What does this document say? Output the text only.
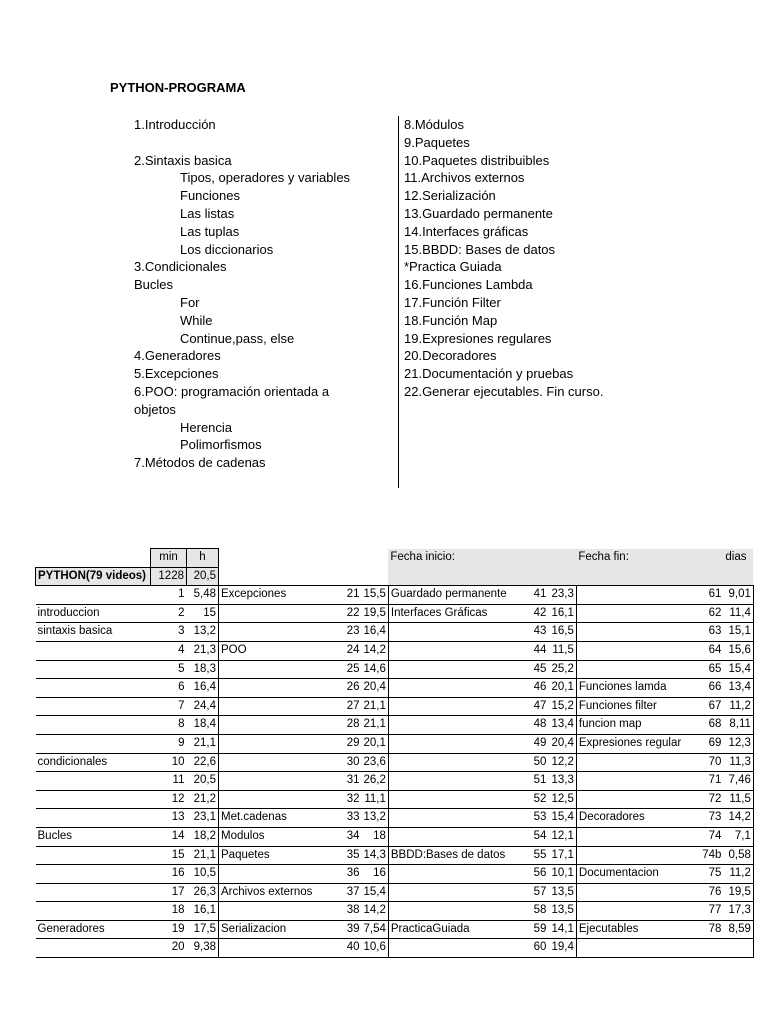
PYTHON-PROGRAMA
1.Introducción
2.Sintaxis basica
Tipos, operadores y variables
Funciones
Las listas
Las tuplas
Los diccionarios
3.Condicionales
Bucles
For
While
Continue,pass, else
4.Generadores
5.Excepciones
6.POO: programación orientada a objetos
Herencia
Polimorfismos
7.Métodos de cadenas
8.Módulos
9.Paquetes
10.Paquetes distribuibles
11.Archivos externos
12.Serialización
13.Guardado permanente
14.Interfaces gráficas
15.BBDD: Bases de datos
*Practica Guiada
16.Funciones Lambda
17.Función Filter
18.Función Map
19.Expresiones regulares
20.Decoradores
21.Documentación y pruebas
22.Generar ejecutables. Fin curso.
	min	h				Fecha inicio:			Fecha fin:		dias
PYTHON(79 videos)	1228	20,5									
	1	5,48	Excepciones	21	15,5	Guardado permanente	41	23,3		61	9,01
introduccion	2	15		22	19,5	Interfaces Gráficas	42	16,1		62	11,4
sintaxis basica	3	13,2		23	16,4		43	16,5		63	15,1
	4	21,3	POO	24	14,2		44	11,5		64	15,6
	5	18,3		25	14,6		45	25,2		65	15,4
	6	16,4		26	20,4		46	20,1	Funciones lamda	66	13,4
	7	24,4		27	21,1		47	15,2	Funciones filter	67	11,2
	8	18,4		28	21,1		48	13,4	funcion map	68	8,11
	9	21,1		29	20,1		49	20,4	Expresiones regular	69	12,3
condicionales	10	22,6		30	23,6		50	12,2		70	11,3
	11	20,5		31	26,2		51	13,3		71	7,46
	12	21,2		32	11,1		52	12,5		72	11,5
	13	23,1	Met.cadenas	33	13,2		53	15,4	Decoradores	73	14,2
Bucles	14	18,2	Modulos	34	18		54	12,1		74	7,1
	15	21,1	Paquetes	35	14,3	BBDD:Bases de datos	55	17,1		74b	0,58
	16	10,5		36	16		56	10,1	Documentacion	75	11,2
	17	26,3	Archivos externos	37	15,4		57	13,5		76	19,5
	18	16,1		38	14,2		58	13,5		77	17,3
Generadores	19	17,5	Serializacion	39	7,54	PracticaGuiada	59	14,1	Ejecutables	78	8,59
	20	9,38		40	10,6		60	19,4			
